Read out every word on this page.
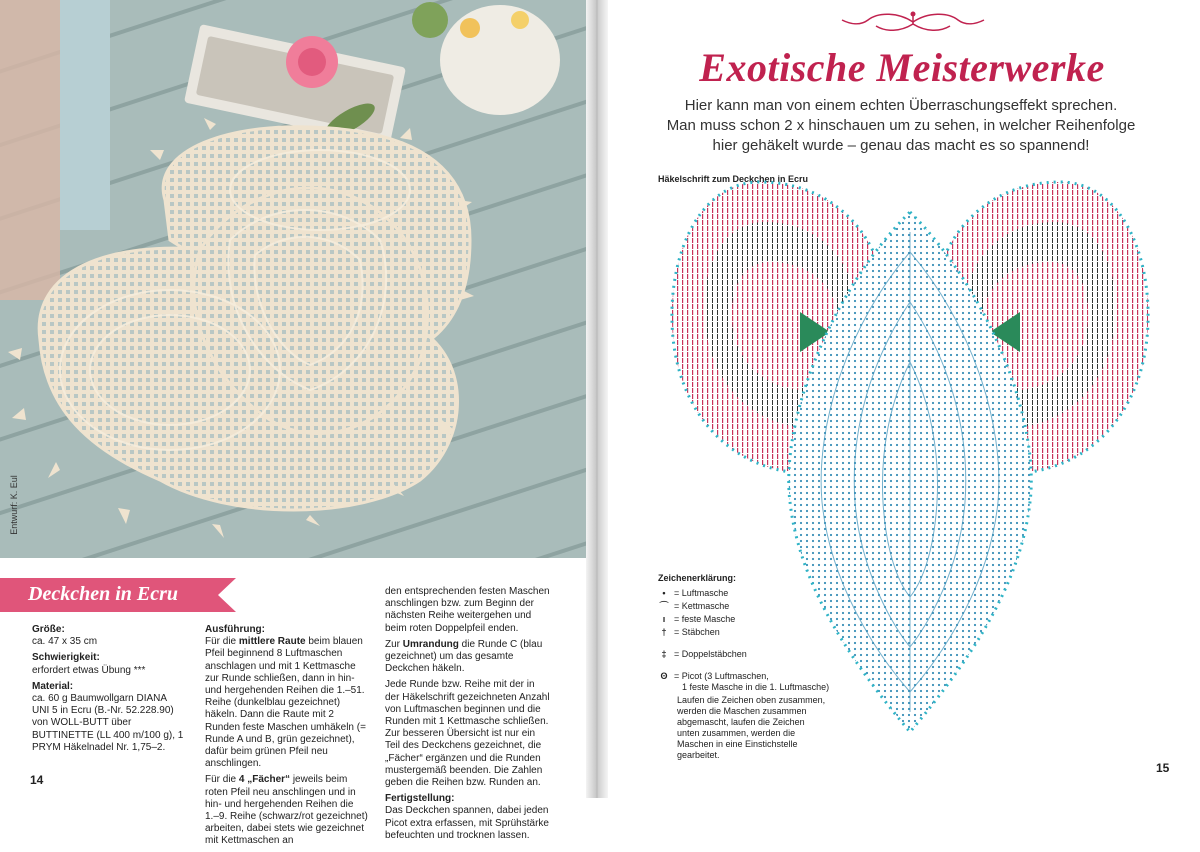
Entwurf: K. Eul
Deckchen in Ecru

Größe:
ca. 47 x 35 cm

Schwierigkeit:
erfordert etwas Übung ***

Material:
ca. 60 g Baumwollgarn DIANA UNI 5 in Ecru (B.-Nr. 52.228.90) von WOLL-BUTT über BUTTINETTE (LL 400 m/100 g), 1 PRYM Häkelnadel Nr. 1,75–2.

Ausführung:
Für die mittlere Raute beim blauen Pfeil beginnend 8 Luftmaschen anschlagen und mit 1 Kettmasche zur Runde schließen, dann in hin- und hergehenden Reihen die 1.–51. Reihe (dunkelblau gezeichnet) häkeln. Dann die Raute mit 2 Runden feste Maschen umhäkeln (= Runde A und B, grün gezeichnet), dafür beim grünen Pfeil neu anschlingen.

Für die 4 „Fächer“ jeweils beim roten Pfeil neu anschlingen und in hin- und hergehenden Reihen die 1.–9. Reihe (schwarz/rot gezeichnet) arbeiten, dabei stets wie gezeichnet mit Kettmaschen an

den entsprechenden festen Maschen anschlingen bzw. zum Beginn der nächsten Reihe weitergehen und beim roten Doppelpfeil enden.

Zur Umrandung die Runde C (blau gezeichnet) um das gesamte Deckchen häkeln.

Jede Runde bzw. Reihe mit der in der Häkelschrift gezeichneten Anzahl von Luftmaschen beginnen und die Runden mit 1 Kettmasche schließen. Zur besseren Übersicht ist nur ein Teil des Deckchens gezeichnet, die „Fächer“ ergänzen und die Runden mustergemäß beenden. Die Zahlen geben die Reihen bzw. Runden an.

Fertigstellung:
Das Deckchen spannen, dabei jeden Picot extra erfassen, mit Sprühstärke befeuchten und trocknen lassen.

14
Exotische Meisterwerke
Hier kann man von einem echten Überraschungseffekt sprechen.
Man muss schon 2 x hinschauen um zu sehen, in welcher Reihenfolge
hier gehäkelt wurde – genau das macht es so spannend!
Häkelschrift zum Deckchen in Ecru
Zeichenerklärung:
• = Luftmasche
⌒ = Kettmasche
ı = feste Masche
† = Stäbchen
‡ = Doppelstäbchen
ʘ = Picot (3 Luftmaschen,
1 feste Masche in die 1. Luftmasche)
Laufen die Zeichen oben zusammen, werden die Maschen zusammen abgemascht, laufen die Zeichen unten zusammen, werden die Maschen in eine Einstichstelle gearbeitet.
15
